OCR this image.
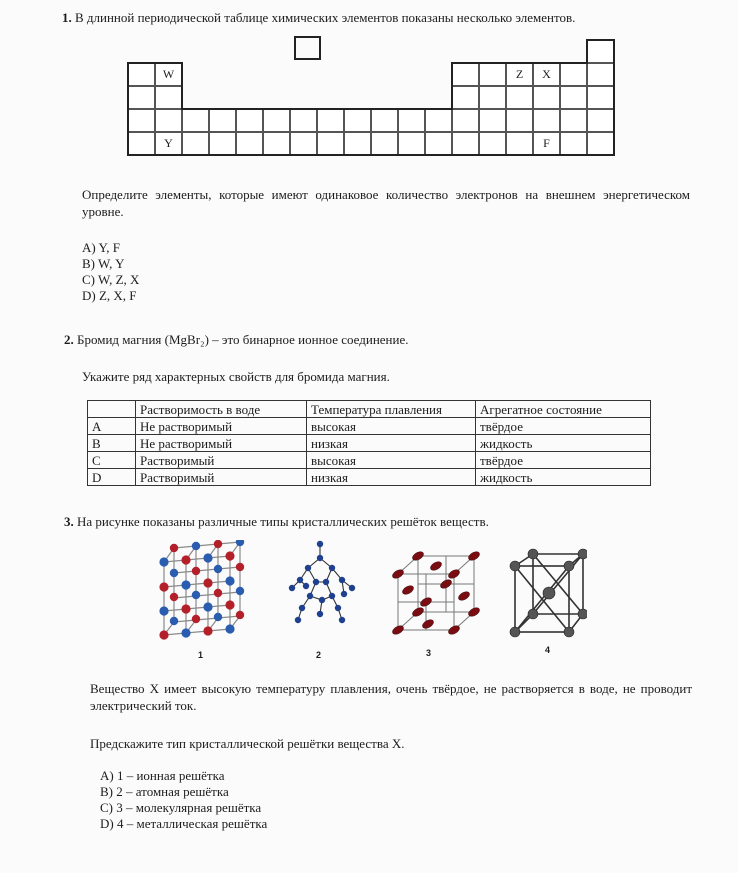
1. В длинной периодической таблице химических элементов показаны несколько элементов.
W
Y
Z	X
F
Определите элементы, которые имеют одинаковое количество электронов на внешнем энергетическом уровне.
A) Y, F
B) W, Y
C) W, Z, X
D) Z, X, F
2. Бромид магния (MgBr₂) – это бинарное ионное соединение.
Укажите ряд характерных свойств для бромида магния.
	Растворимость в воде	Температура плавления	Агрегатное состояние
A	Не растворимый	высокая	твёрдое
B	Не растворимый	низкая	жидкость
C	Растворимый	высокая	твёрдое
D	Растворимый	низкая	жидкость
3. На рисунке показаны различные типы кристаллических решёток веществ.
1	2	3	4
Вещество X имеет высокую температуру плавления, очень твёрдое, не растворяется в воде, не проводит электрический ток.
Предскажите тип кристаллической решётки вещества X.
A) 1 – ионная решётка
B) 2 – атомная решётка
C) 3 – молекулярная решётка
D) 4 – металлическая решётка
